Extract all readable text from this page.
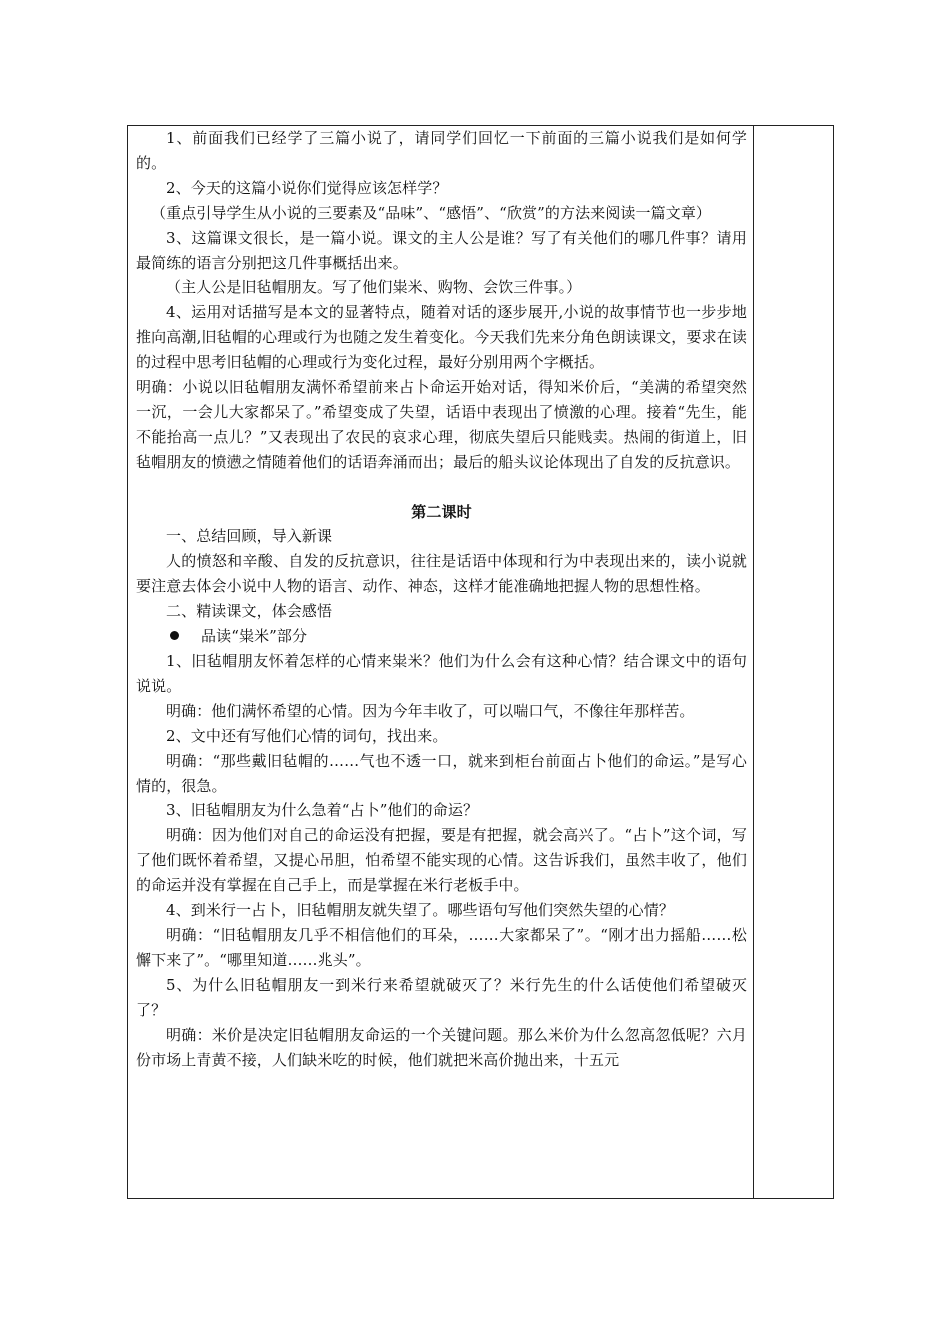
1、前面我们已经学了三篇小说了，请同学们回忆一下前面的三篇小说我们是如何学的。

2、今天的这篇小说你们觉得应该怎样学？

（重点引导学生从小说的三要素及“品味”、“感悟”、“欣赏”的方法来阅读一篇文章）

3、这篇课文很长，是一篇小说。课文的主人公是谁？写了有关他们的哪几件事？请用最简练的语言分别把这几件事概括出来。

（主人公是旧毡帽朋友。写了他们粜米、购物、会饮三件事。）

4、运用对话描写是本文的显著特点，随着对话的逐步展开,小说的故事情节也一步步地推向高潮,旧毡帽的心理或行为也随之发生着变化。今天我们先来分角色朗读课文，要求在读的过程中思考旧毡帽的心理或行为变化过程，最好分别用两个字概括。

明确：小说以旧毡帽朋友满怀希望前来占卜命运开始对话，得知米价后，“美满的希望突然一沉，一会儿大家都呆了。”希望变成了失望，话语中表现出了愤激的心理。接着“先生，能不能抬高一点儿？”又表现出了农民的哀求心理，彻底失望后只能贱卖。热闹的街道上，旧毡帽朋友的愤懑之情随着他们的话语奔涌而出；最后的船头议论体现出了自发的反抗意识。

第二课时

一、总结回顾，导入新课

人的愤怒和辛酸、自发的反抗意识，往往是话语中体现和行为中表现出来的，读小说就要注意去体会小说中人物的语言、动作、神态，这样才能准确地把握人物的思想性格。

二、精读课文，体会感悟

品读“粜米”部分

1、旧毡帽朋友怀着怎样的心情来粜米？他们为什么会有这种心情？结合课文中的语句说说。

明确：他们满怀希望的心情。因为今年丰收了，可以喘口气，不像往年那样苦。

2、文中还有写他们心情的词句，找出来。

明确：“那些戴旧毡帽的……气也不透一口，就来到柜台前面占卜他们的命运。”是写心情的，很急。

3、旧毡帽朋友为什么急着“占卜”他们的命运？

明确：因为他们对自己的命运没有把握，要是有把握，就会高兴了。“占卜”这个词，写了他们既怀着希望，又提心吊胆，怕希望不能实现的心情。这告诉我们，虽然丰收了，他们的命运并没有掌握在自己手上，而是掌握在米行老板手中。

4、到米行一占卜，旧毡帽朋友就失望了。哪些语句写他们突然失望的心情？

明确：“旧毡帽朋友几乎不相信他们的耳朵，……大家都呆了”。“刚才出力摇船……松懈下来了”。“哪里知道……兆头”。

5、为什么旧毡帽朋友一到米行来希望就破灭了？米行先生的什么话使他们希望破灭了？

明确：米价是决定旧毡帽朋友命运的一个关键问题。那么米价为什么忽高忽低呢？六月份市场上青黄不接，人们缺米吃的时候，他们就把米高价抛出来，十五元
